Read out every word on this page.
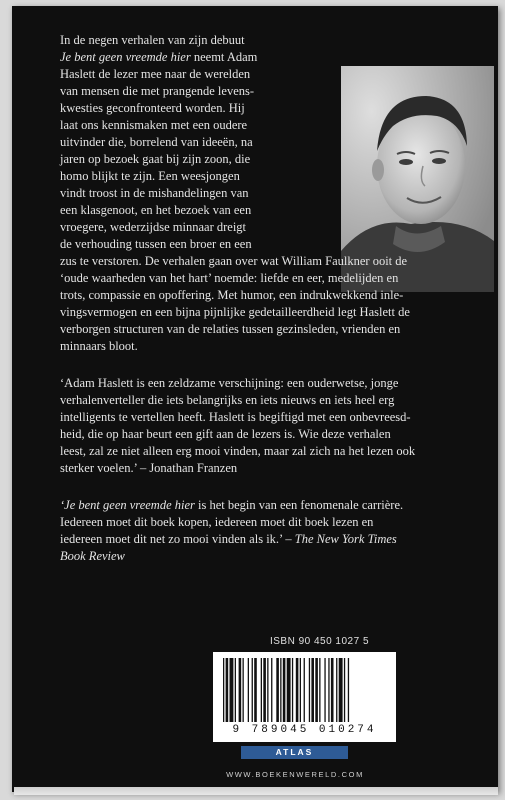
In de negen verhalen van zijn debuut

Je bent geen vreemde hier neemt Adam

Haslett de lezer mee naar de werelden

van mensen die met prangende levens-

kwesties geconfronteerd worden. Hij

laat ons kennismaken met een oudere

uitvinder die, borrelend van ideeën, na

jaren op bezoek gaat bij zijn zoon, die

homo blijkt te zijn. Een weesjongen

vindt troost in de mishandelingen van

een klasgenoot, en het bezoek van een

vroegere, wederzijdse minnaar dreigt

de verhouding tussen een broer en een

zus te verstoren. De verhalen gaan over wat William Faulkner ooit de

‘oude waarheden van het hart’ noemde: liefde en eer, medelijden en

trots, compassie en opoffering. Met humor, een indrukwekkend inle-

vingsvermogen en een bijna pijnlijke gedetailleerdheid legt Haslett de

verborgen structuren van de relaties tussen gezinsleden, vrienden en

minnaars bloot.

‘Adam Haslett is een zeldzame verschijning: een ouderwetse, jonge

verhalenverteller die iets belangrijks en iets nieuws en iets heel erg

intelligents te vertellen heeft. Haslett is begiftigd met een onbevreesd-

heid, die op haar beurt een gift aan de lezers is. Wie deze verhalen

leest, zal ze niet alleen erg mooi vinden, maar zal zich na het lezen ook

sterker voelen.’ – Jonathan Franzen

‘Je bent geen vreemde hier is het begin van een fenomenale carrière.

Iedereen moet dit boek kopen, iedereen moet dit boek lezen en

iedereen moet dit net zo mooi vinden als ik.’ – The New York Times

Book Review

ISBN 90 450 1027 5
9 789045 010274
ATLAS
WWW.BOEKENWERELD.COM
